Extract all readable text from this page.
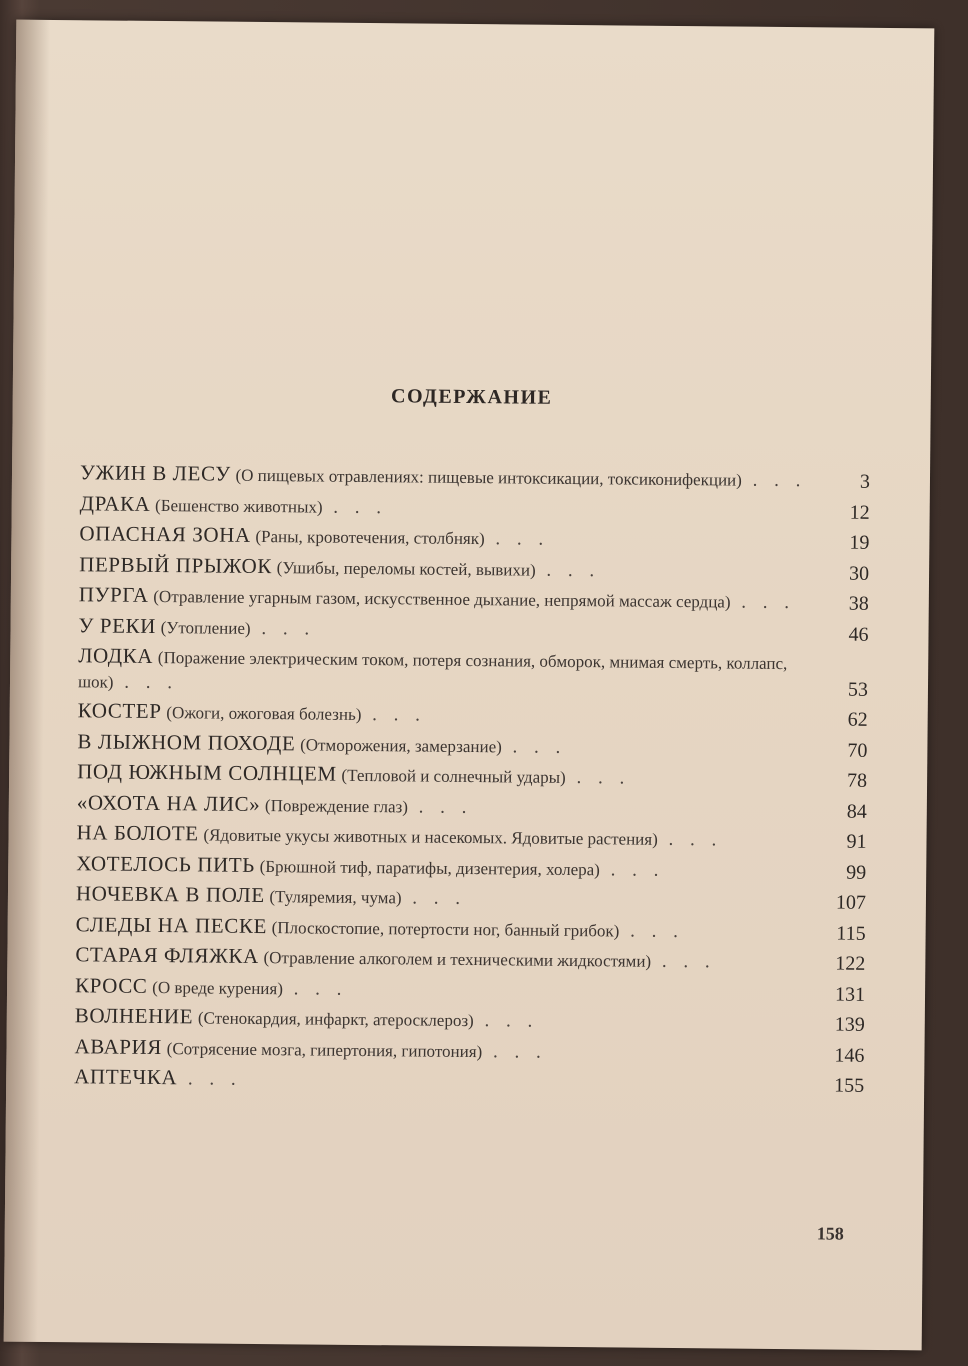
СОДЕРЖАНИЕ
УЖИН В ЛЕСУ (О пищевых отравлениях: пищевые интоксикации, токсиконифекции) . . .	3
ДРАКА (Бешенство животных) . . .	12
ОПАСНАЯ ЗОНА (Раны, кровотечения, столбняк) . . .	19
ПЕРВЫЙ ПРЫЖОК (Ушибы, переломы костей, вывихи) . . .	30
ПУРГА (Отравление угарным газом, искусственное дыхание, непрямой массаж сердца) . . .	38
У РЕКИ (Утопление) . . .	46
ЛОДКА (Поражение электрическим током, потеря сознания, обморок, мнимая смерть, коллапс, шок) . . .	53
КОСТЕР (Ожоги, ожоговая болезнь) . . .	62
В ЛЫЖНОМ ПОХОДЕ (Отморожения, замерзание) . . .	70
ПОД ЮЖНЫМ СОЛНЦЕМ (Тепловой и солнечный удары) . . .	78
«ОХОТА НА ЛИС» (Повреждение глаз) . . .	84
НА БОЛОТЕ (Ядовитые укусы животных и насекомых. Ядовитые растения) . . .	91
ХОТЕЛОСЬ ПИТЬ (Брюшной тиф, паратифы, дизентерия, холера) . . .	99
НОЧЕВКА В ПОЛЕ (Туляремия, чума) . . .	107
СЛЕДЫ НА ПЕСКЕ (Плоскостопие, потертости ног, банный грибок) . . .	115
СТАРАЯ ФЛЯЖКА (Отравление алкоголем и техническими жидкостями) . . .	122
КРОСС (О вреде курения) . . .	131
ВОЛНЕНИЕ (Стенокардия, инфаркт, атеросклероз) . . .	139
АВАРИЯ (Сотрясение мозга, гипертония, гипотония) . . .	146
АПТЕЧКА . . .	155
158
